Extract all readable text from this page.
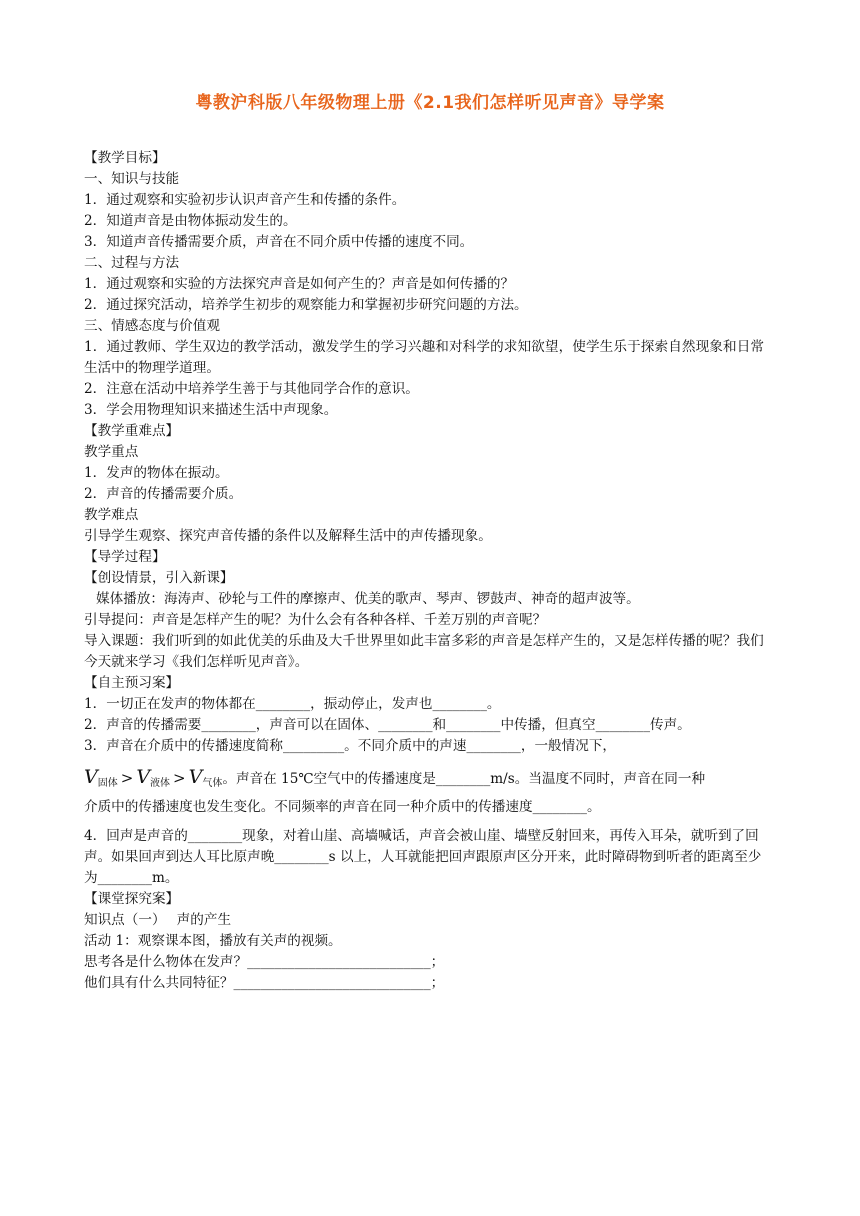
粤教沪科版八年级物理上册《2.1我们怎样听见声音》导学案
【教学目标】
一、知识与技能
1．通过观察和实验初步认识声音产生和传播的条件。
2．知道声音是由物体振动发生的。
3．知道声音传播需要介质，声音在不同介质中传播的速度不同。
二、过程与方法
1．通过观察和实验的方法探究声音是如何产生的？声音是如何传播的？
2．通过探究活动，培养学生初步的观察能力和掌握初步研究问题的方法。
三、情感态度与价值观
1．通过教师、学生双边的教学活动，激发学生的学习兴趣和对科学的求知欲望，使学生乐于探索自然现象和日常生活中的物理学道理。
2．注意在活动中培养学生善于与其他同学合作的意识。
3．学会用物理知识来描述生活中声现象。
【教学重难点】
教学重点
1．发声的物体在振动。
2．声音的传播需要介质。
教学难点
引导学生观察、探究声音传播的条件以及解释生活中的声传播现象。
【导学过程】
【创设情景，引入新课】
媒体播放：海涛声、砂轮与工件的摩擦声、优美的歌声、琴声、锣鼓声、神奇的超声波等。
引导提问：声音是怎样产生的呢？为什么会有各种各样、千差万别的声音呢？
导入课题：我们听到的如此优美的乐曲及大千世界里如此丰富多彩的声音是怎样产生的，又是怎样传播的呢？我们今天就来学习《我们怎样听见声音》。
【自主预习案】
1．一切正在发声的物体都在________，振动停止，发声也________。
2．声音的传播需要________，声音可以在固体、________和________中传播，但真空________传声。
3．声音在介质中的传播速度简称_________。不同介质中的声速________，一般情况下，
$V_{固体} > V_{液体} > V_{气体}$。声音在 15℃空气中的传播速度是________m/s。当温度不同时，声音在同一种
介质中的传播速度也发生变化。不同频率的声音在同一种介质中的传播速度________。
4．回声是声音的________现象，对着山崖、高墙喊话，声音会被山崖、墙壁反射回来，再传入耳朵，就听到了回声。如果回声到达人耳比原声晚________s 以上，人耳就能把回声跟原声区分开来，此时障碍物到听者的距离至少为________m。
【课堂探究案】
知识点（一）　 声的产生
活动 1：观察课本图，播放有关声的视频。
思考各是什么物体在发声？___________________________；
他们具有什么共同特征？_____________________________；
